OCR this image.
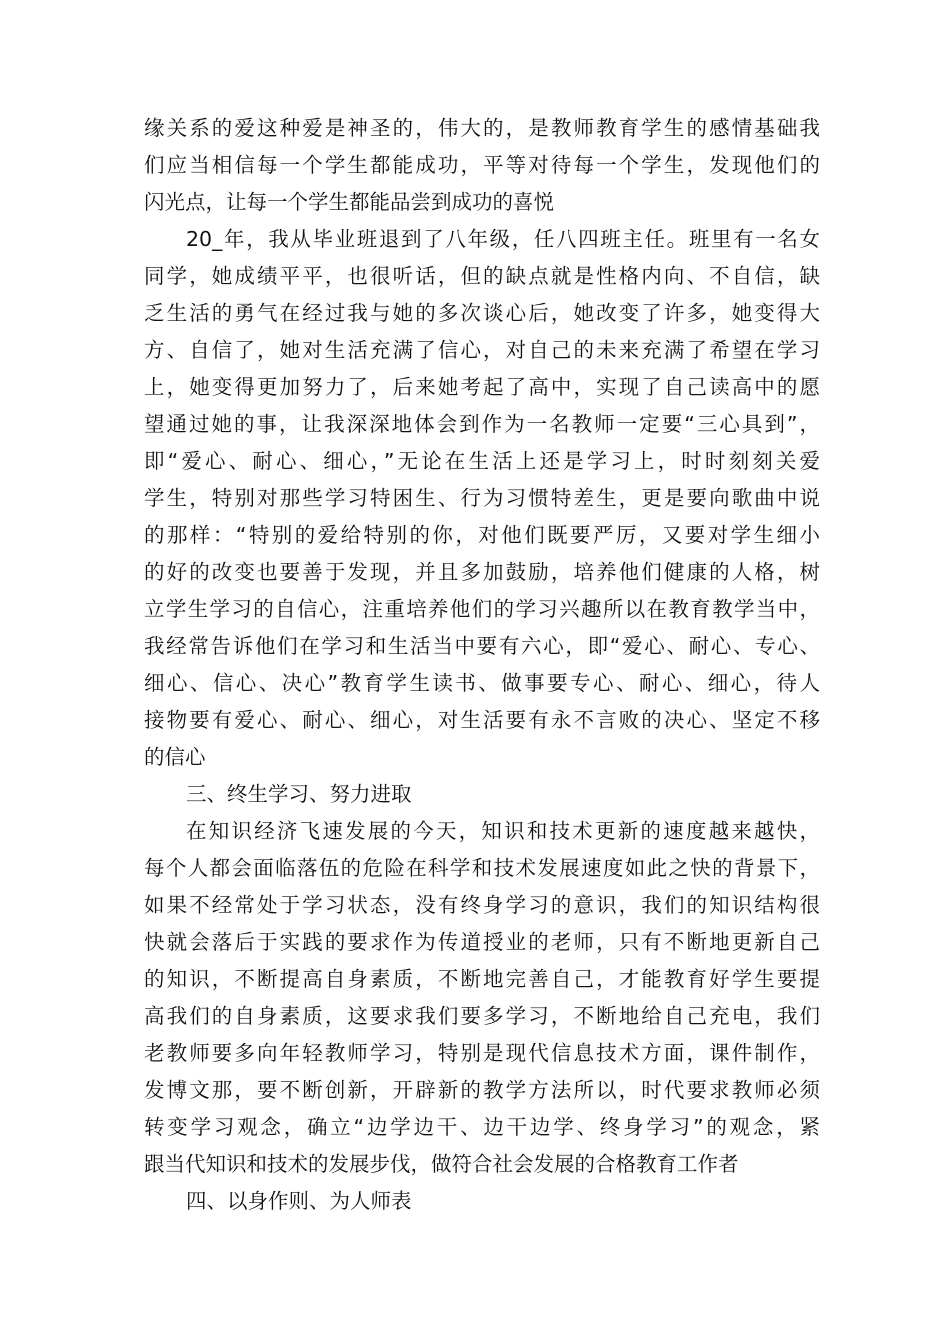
缘关系的爱这种爱是神圣的，伟大的，是教师教育学生的感情基础我
们应当相信每一个学生都能成功，平等对待每一个学生，发现他们的
闪光点，让每一个学生都能品尝到成功的喜悦
20_年，我从毕业班退到了八年级，任八四班主任。班里有一名女
同学，她成绩平平，也很听话，但的缺点就是性格内向、不自信，缺
乏生活的勇气在经过我与她的多次谈心后，她改变了许多，她变得大
方、自信了，她对生活充满了信心，对自己的未来充满了希望在学习
上，她变得更加努力了，后来她考起了高中，实现了自己读高中的愿
望通过她的事，让我深深地体会到作为一名教师一定要“三心具到”，
即“爱心、耐心、细心，”无论在生活上还是学习上，时时刻刻关爱
学生，特别对那些学习特困生、行为习惯特差生，更是要向歌曲中说
的那样：“特别的爱给特别的你，对他们既要严厉，又要对学生细小
的好的改变也要善于发现，并且多加鼓励，培养他们健康的人格，树
立学生学习的自信心，注重培养他们的学习兴趣所以在教育教学当中，
我经常告诉他们在学习和生活当中要有六心，即“爱心、耐心、专心、
细心、信心、决心”教育学生读书、做事要专心、耐心、细心，待人
接物要有爱心、耐心、细心，对生活要有永不言败的决心、坚定不移
的信心
三、终生学习、努力进取
在知识经济飞速发展的今天，知识和技术更新的速度越来越快，
每个人都会面临落伍的危险在科学和技术发展速度如此之快的背景下，
如果不经常处于学习状态，没有终身学习的意识，我们的知识结构很
快就会落后于实践的要求作为传道授业的老师，只有不断地更新自己
的知识，不断提高自身素质，不断地完善自己，才能教育好学生要提
高我们的自身素质，这要求我们要多学习，不断地给自己充电，我们
老教师要多向年轻教师学习，特别是现代信息技术方面，课件制作，
发博文那，要不断创新，开辟新的教学方法所以，时代要求教师必须
转变学习观念，确立“边学边干、边干边学、终身学习”的观念，紧
跟当代知识和技术的发展步伐，做符合社会发展的合格教育工作者
四、以身作则、为人师表
